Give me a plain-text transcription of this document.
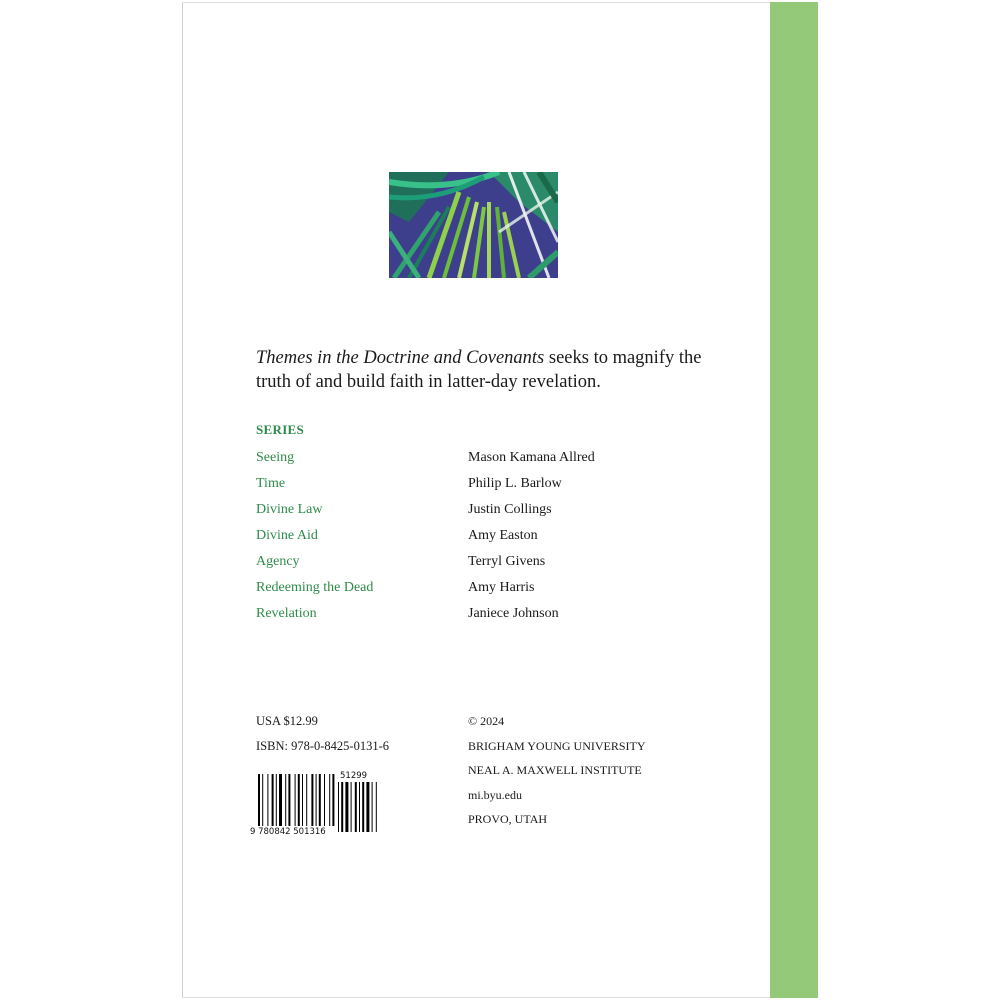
Themes in the Doctrine and Covenants seeks to magnify the truth of and build faith in latter-day revelation.

SERIES
Seeing	Mason Kamana Allred
Time	Philip L. Barlow
Divine Law	Justin Collings
Divine Aid	Amy Easton
Agency	Terryl Givens
Redeeming the Dead	Amy Harris
Revelation	Janiece Johnson
USA $12.99
ISBN: 978-0-8425-0131-6
© 2024
BRIGHAM YOUNG UNIVERSITY
NEAL A. MAXWELL INSTITUTE
mi.byu.edu
PROVO, UTAH
9 780842 501316
51299
